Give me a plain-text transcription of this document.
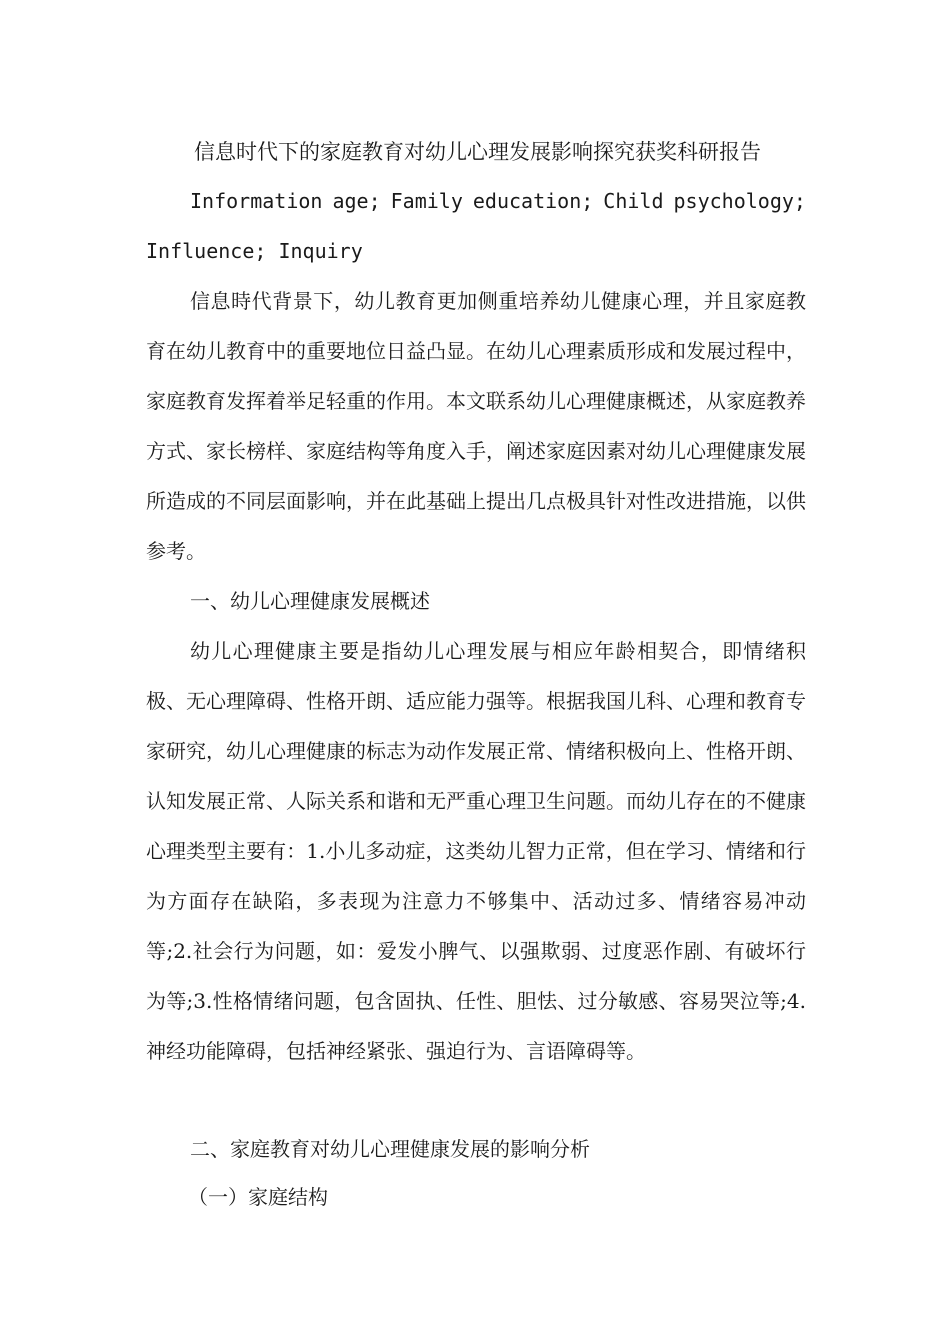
信息时代下的家庭教育对幼儿心理发展影响探究获奖科研报告
Information age; Family education; Child psychology;
Influence; Inquiry

信息時代背景下，幼儿教育更加侧重培养幼儿健康心理，并且家庭教育在幼儿教育中的重要地位日益凸显。在幼儿心理素质形成和发展过程中，家庭教育发挥着举足轻重的作用。本文联系幼儿心理健康概述，从家庭教养方式、家长榜样、家庭结构等角度入手，阐述家庭因素对幼儿心理健康发展所造成的不同层面影响，并在此基础上提出几点极具针对性改进措施，以供参考。

一、幼儿心理健康发展概述

幼儿心理健康主要是指幼儿心理发展与相应年龄相契合，即情绪积极、无心理障碍、性格开朗、适应能力强等。根据我国儿科、心理和教育专家研究，幼儿心理健康的标志为动作发展正常、情绪积极向上、性格开朗、认知发展正常、人际关系和谐和无严重心理卫生问题。而幼儿存在的不健康心理类型主要有：1.小儿多动症，这类幼儿智力正常，但在学习、情绪和行为方面存在缺陷，多表现为注意力不够集中、活动过多、情绪容易冲动等;2.社会行为问题，如：爱发小脾气、以强欺弱、过度恶作剧、有破坏行为等;3.性格情绪问题，包含固执、任性、胆怯、过分敏感、容易哭泣等;4.神经功能障碍，包括神经紧张、强迫行为、言语障碍等。

二、家庭教育对幼儿心理健康发展的影响分析

（一）家庭结构
